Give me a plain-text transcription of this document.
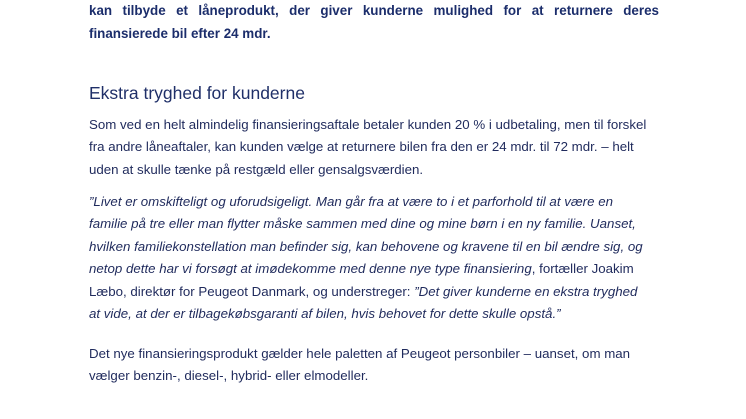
kan tilbyde et låneprodukt, der giver kunderne mulighed for at returnere deres
finansierede bil efter 24 mdr.

Ekstra tryghed for kunderne

Som ved en helt almindelig finansieringsaftale betaler kunden 20 % i udbetaling, men til forskel
fra andre låneaftaler, kan kunden vælge at returnere bilen fra den er 24 mdr. til 72 mdr. – helt
uden at skulle tænke på restgæld eller gensalgsværdien.

”Livet er omskifteligt og uforudsigeligt. Man går fra at være to i et parforhold til at være en
familie på tre eller man flytter måske sammen med dine og mine børn i en ny familie. Uanset,
hvilken familiekonstellation man befinder sig, kan behovene og kravene til en bil ændre sig, og
netop dette har vi forsøgt at imødekomme med denne nye type finansiering, fortæller Joakim
Læbo, direktør for Peugeot Danmark, og understreger: ”Det giver kunderne en ekstra tryghed
at vide, at der er tilbagekøbsgaranti af bilen, hvis behovet for dette skulle opstå.”

Det nye finansieringsprodukt gælder hele paletten af Peugeot personbiler – uanset, om man
vælger benzin-, diesel-, hybrid- eller elmodeller.
